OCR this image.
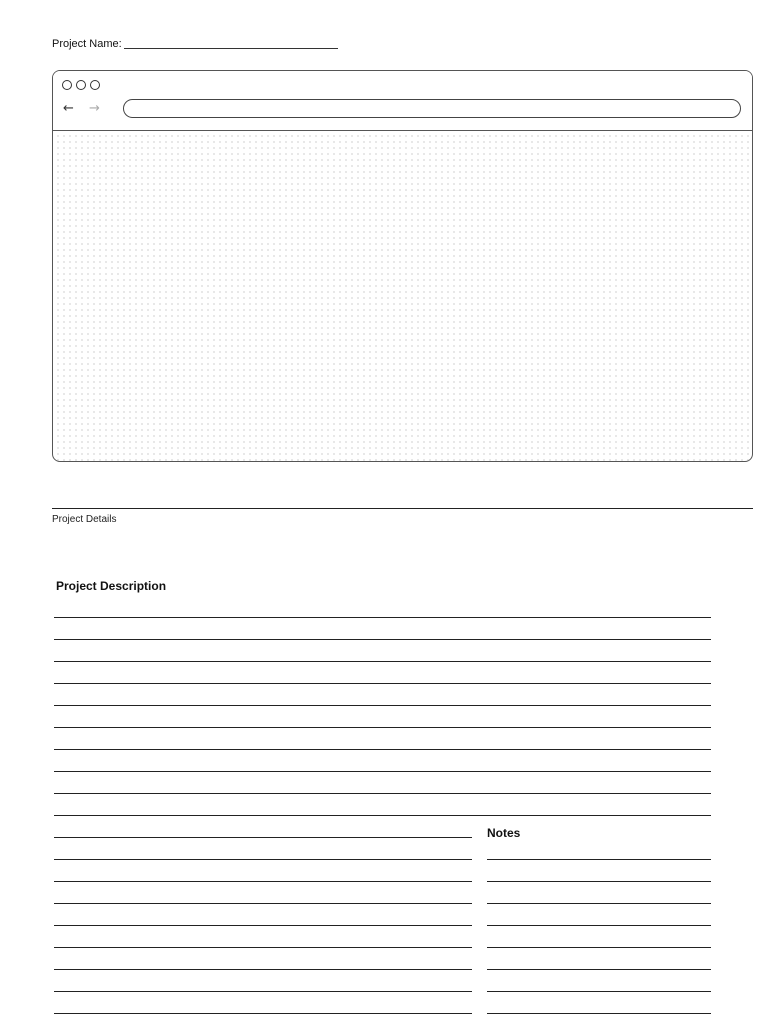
Project Name:
← →
Project Details
Project Description
Notes
